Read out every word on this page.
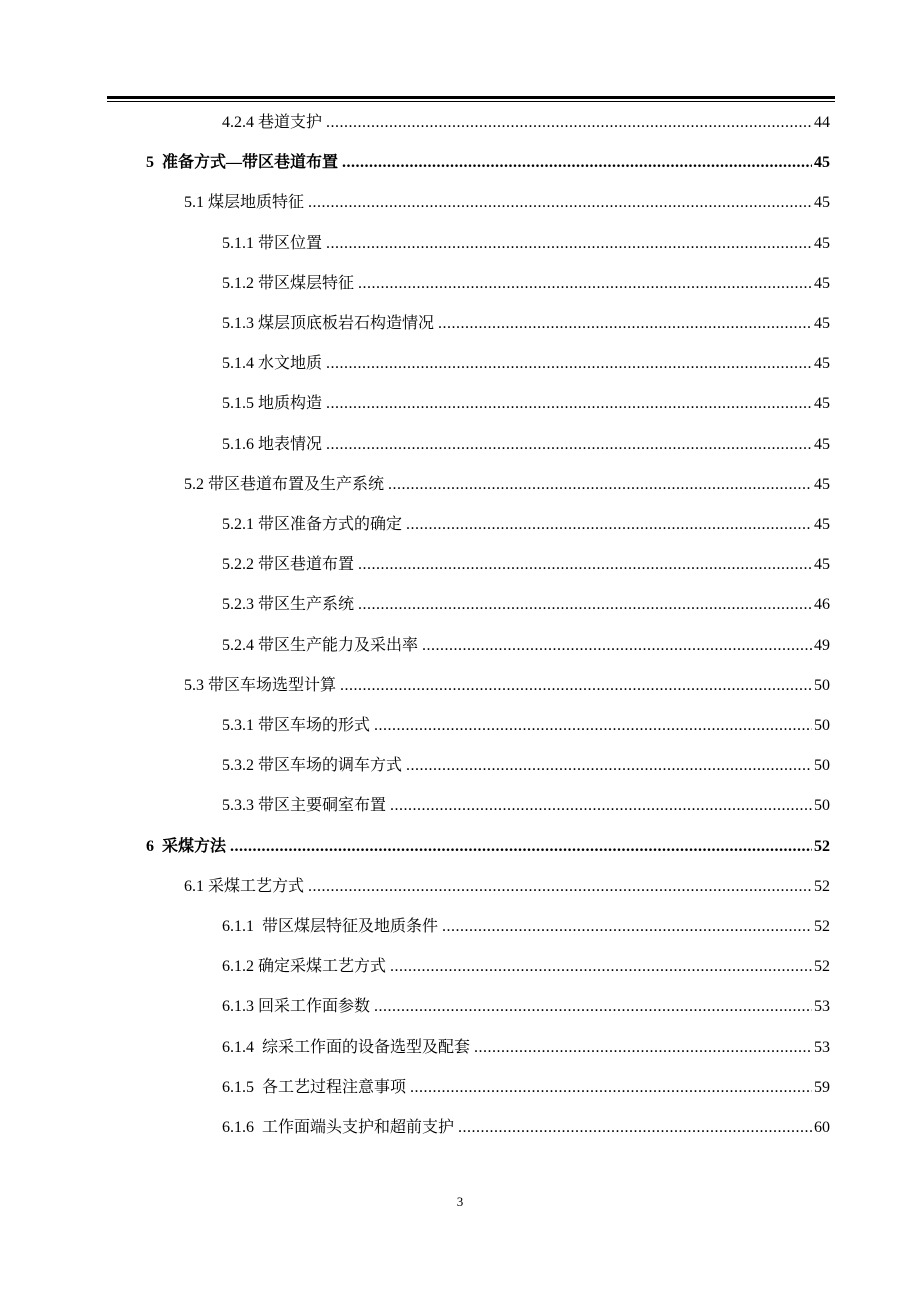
4.2.4 巷道支护 .....	44
5  准备方式—带区巷道布置 .....	45
5.1 煤层地质特征 .....	45
5.1.1 带区位置 .....	45
5.1.2 带区煤层特征 .....	45
5.1.3 煤层顶底板岩石构造情况 .....	45
5.1.4 水文地质 .....	45
5.1.5 地质构造 .....	45
5.1.6 地表情况 .....	45
5.2 带区巷道布置及生产系统 .....	45
5.2.1 带区准备方式的确定 .....	45
5.2.2 带区巷道布置 .....	45
5.2.3 带区生产系统 .....	46
5.2.4 带区生产能力及采出率 .....	49
5.3 带区车场选型计算 .....	50
5.3.1 带区车场的形式 .....	50
5.3.2 带区车场的调车方式 .....	50
5.3.3 带区主要硐室布置 .....	50
6  采煤方法 .....	52
6.1 采煤工艺方式 .....	52
6.1.1  带区煤层特征及地质条件 .....	52
6.1.2 确定采煤工艺方式 .....	52
6.1.3 回采工作面参数 .....	53
6.1.4  综采工作面的设备选型及配套 .....	53
6.1.5  各工艺过程注意事项 .....	59
6.1.6  工作面端头支护和超前支护 .....	60
3
